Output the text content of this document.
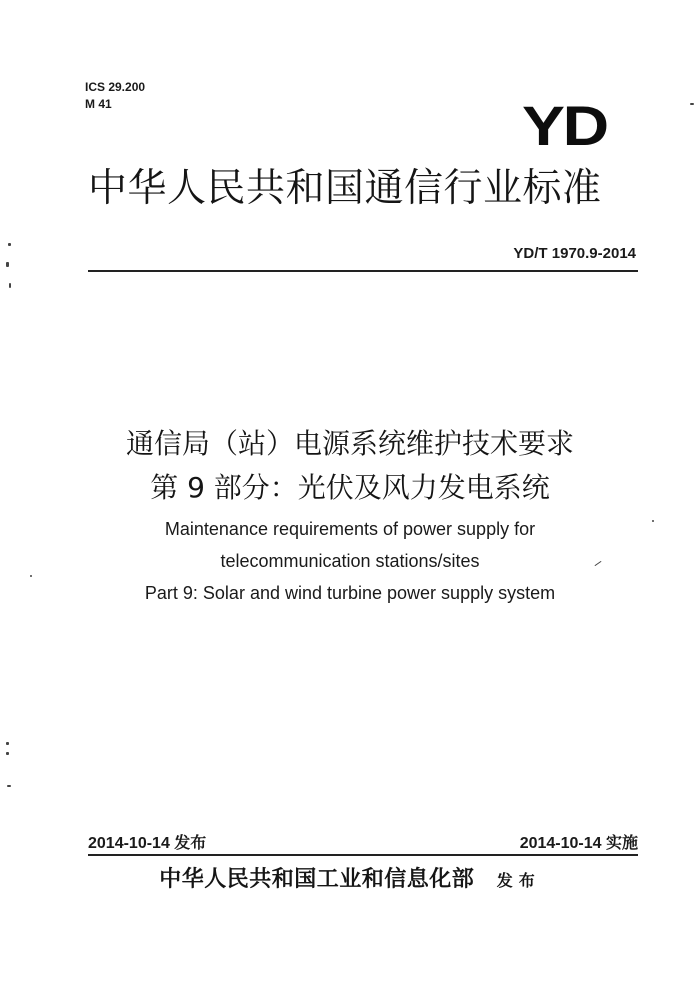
ICS 29.200
M 41	YD
中华人民共和国通信行业标准
YD/T 1970.9-2014
通信局（站）电源系统维护技术要求
第 9 部分：光伏及风力发电系统
Maintenance requirements of power supply for
telecommunication stations/sites
Part 9: Solar and wind turbine power supply system
2014-10-14 发布	2014-10-14 实施
中华人民共和国工业和信息化部 发布
